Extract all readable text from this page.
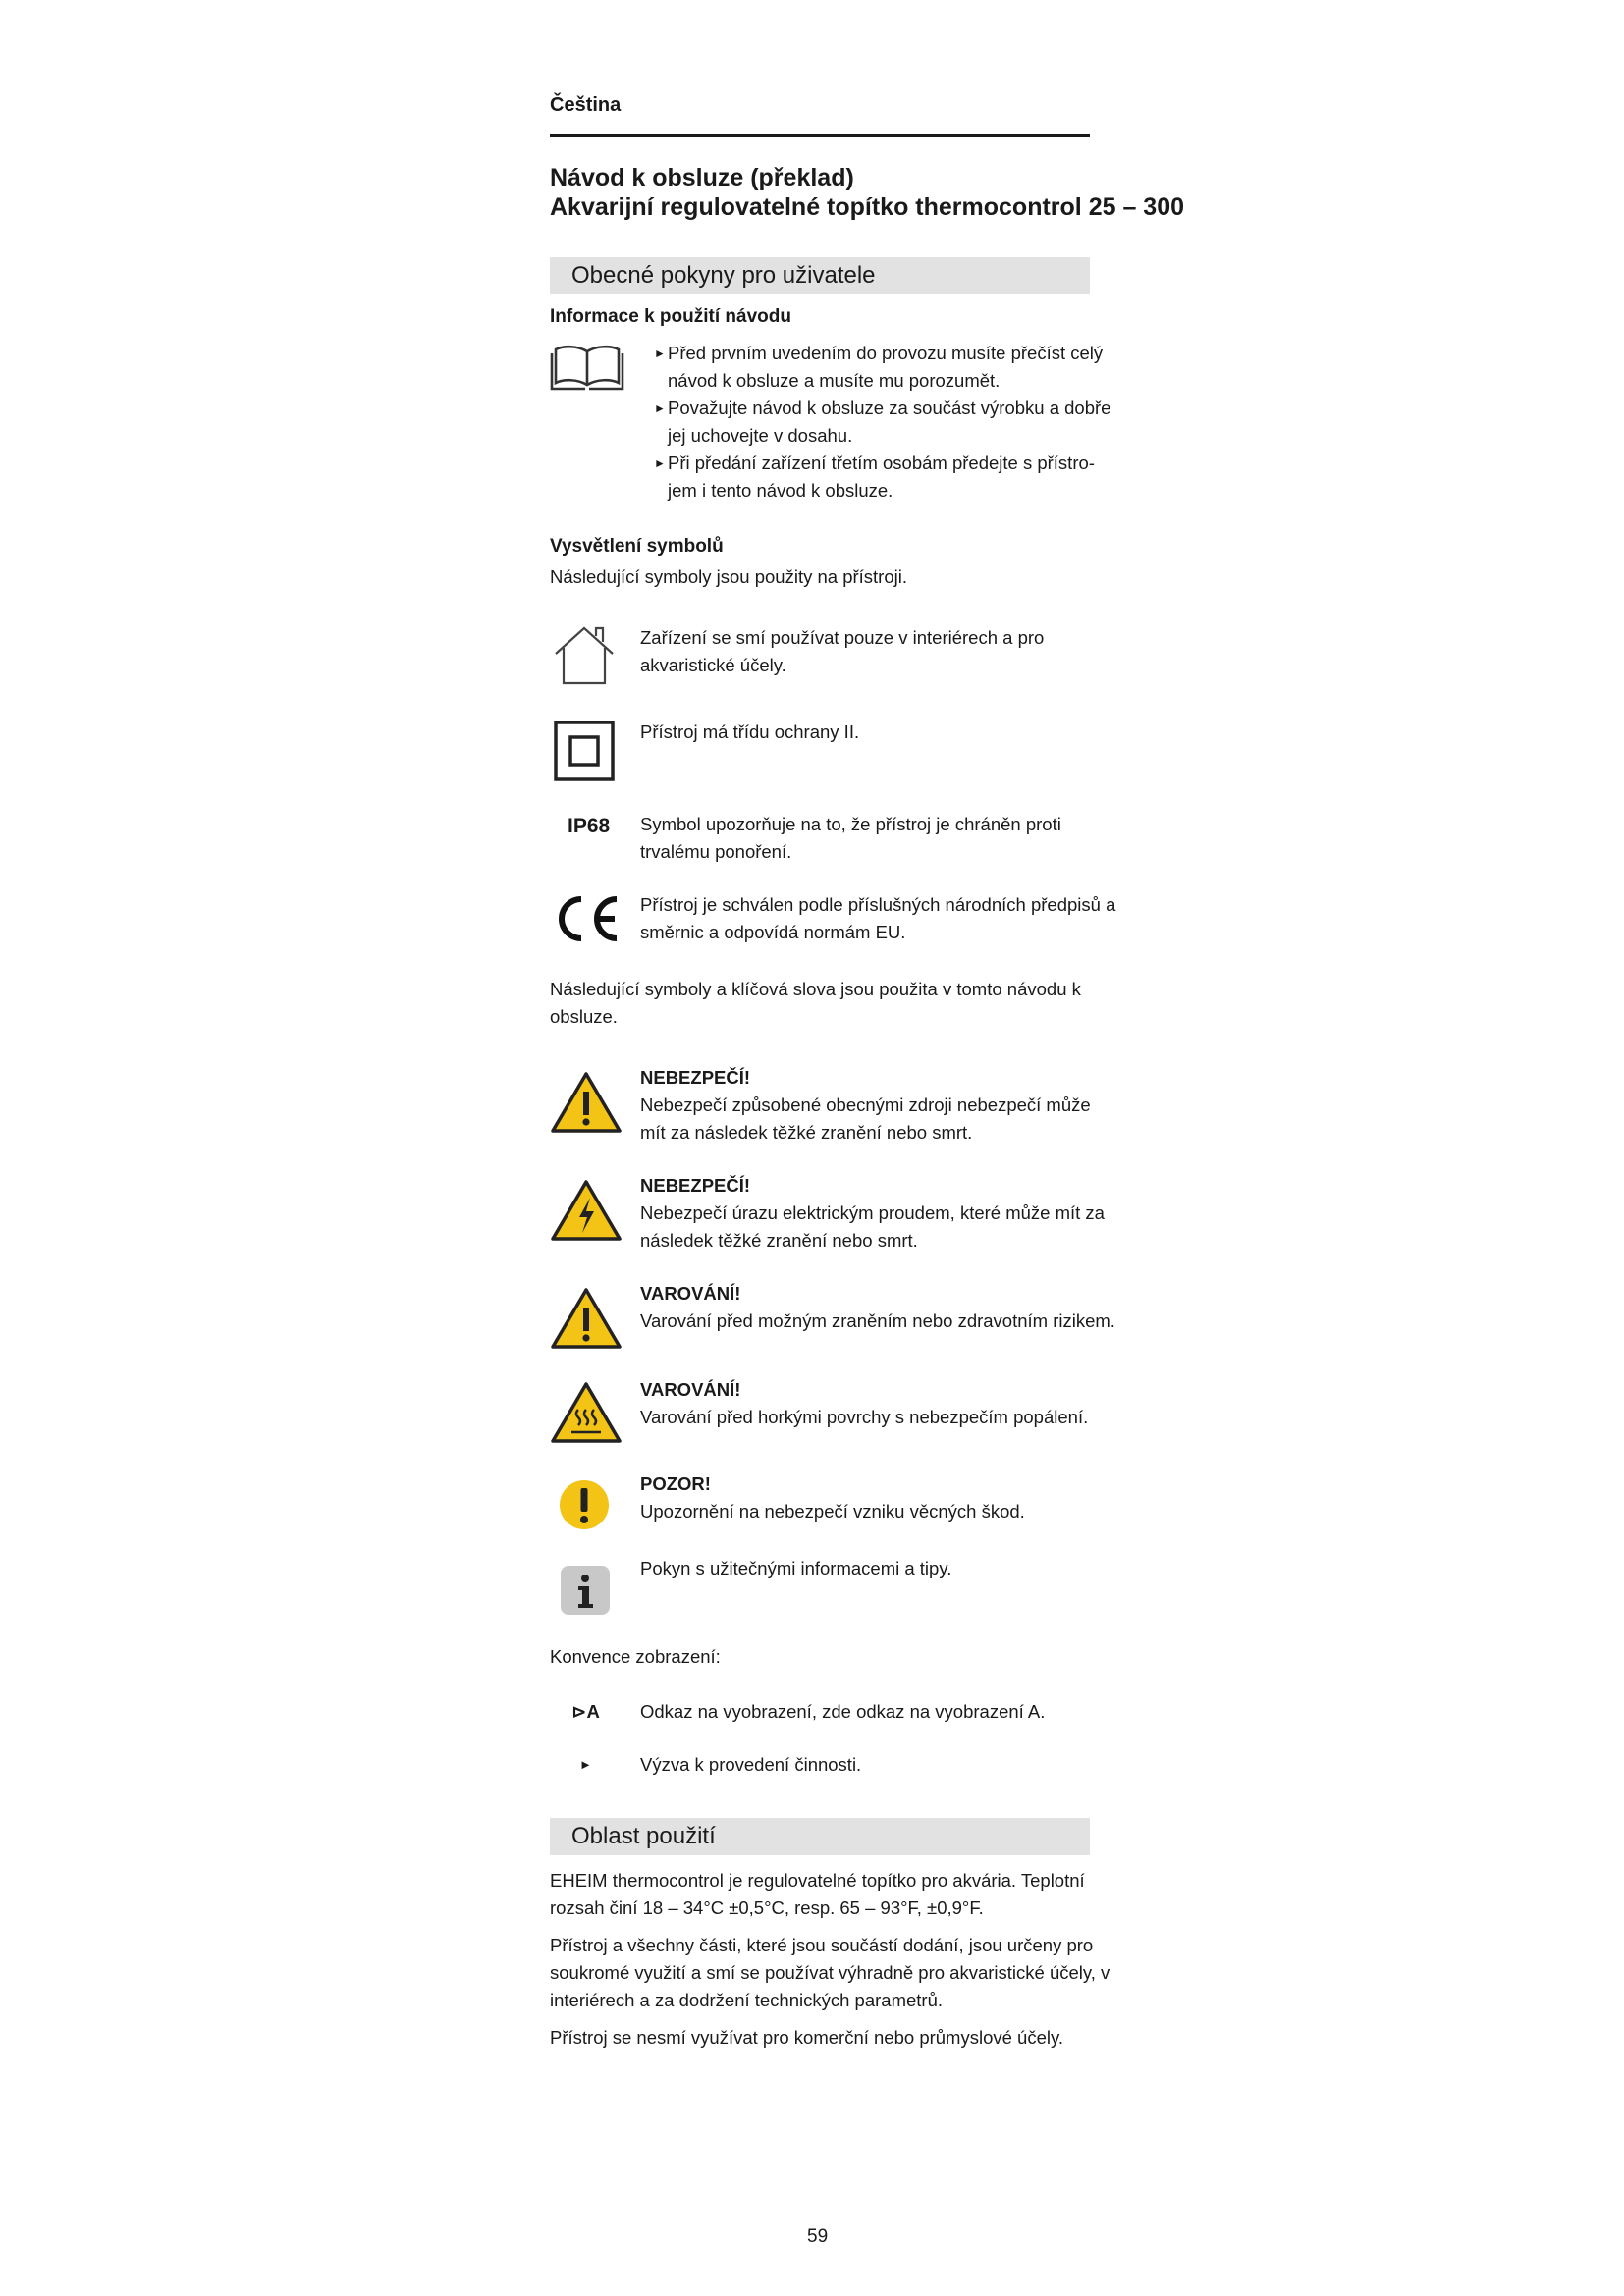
Čeština
Návod k obsluze (překlad)
Akvarijní regulovatelné topítko thermocontrol 25 – 300
Obecné pokyny pro uživatele
Informace k použití návodu
► Před prvním uvedením do provozu musíte přečíst celý
návod k obsluze a musíte mu porozumět.
► Považujte návod k obsluze za součást výrobku a dobře
jej uchovejte v dosahu.
► Při předání zařízení třetím osobám předejte s přístro-
jem i tento návod k obsluze.
Vysvětlení symbolů
Následující symboly jsou použity na přístroji.
Zařízení se smí používat pouze v interiérech a pro
akvaristické účely.
Přístroj má třídu ochrany II.
IP68 Symbol upozorňuje na to, že přístroj je chráněn proti
trvalému ponoření.
Přístroj je schválen podle příslušných národních předpisů a
směrnic a odpovídá normám EU.
Následující symboly a klíčová slova jsou použita v tomto návodu k
obsluze.
NEBEZPEČÍ!
Nebezpečí způsobené obecnými zdroji nebezpečí může
mít za následek těžké zranění nebo smrt.
NEBEZPEČÍ!
Nebezpečí úrazu elektrickým proudem, které může mít za
následek těžké zranění nebo smrt.
VAROVÁNÍ!
Varování před možným zraněním nebo zdravotním rizikem.
VAROVÁNÍ!
Varování před horkými povrchy s nebezpečím popálení.
POZOR!
Upozornění na nebezpečí vzniku věcných škod.
Pokyn s užitečnými informacemi a tipy.
Konvence zobrazení:
⊳A Odkaz na vyobrazení, zde odkaz na vyobrazení A.
►	Výzva k provedení činnosti.
Oblast použití
EHEIM thermocontrol je regulovatelné topítko pro akvária. Teplotní
rozsah činí 18 – 34°C ±0,5°C, resp. 65 – 93°F, ±0,9°F.
Přístroj a všechny části, které jsou součástí dodání, jsou určeny pro
soukromé využití a smí se používat výhradně pro akvaristické účely, v
interiérech a za dodržení technických parametrů.
Přístroj se nesmí využívat pro komerční nebo průmyslové účely.
59
